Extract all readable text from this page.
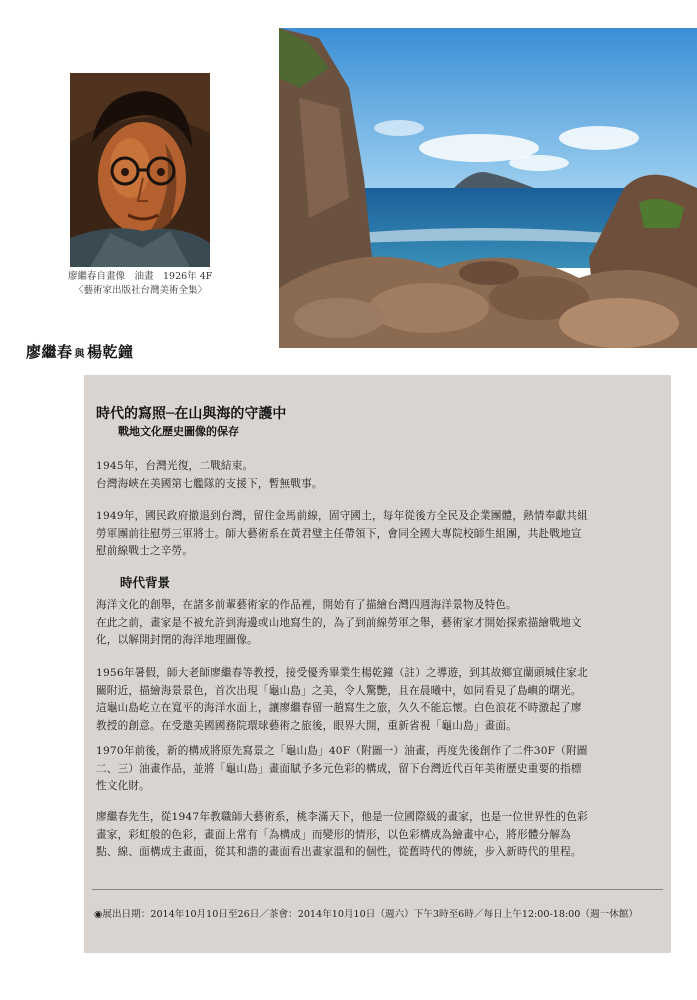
廖繼春自畫像　油畫　1926年 4F
〈藝術家出版社台灣美術全集〉
廖繼春 與 楊乾鐘
時代的寫照─在山與海的守護中
戰地文化歷史圖像的保存
1945年，台灣光復，二戰結束。
台灣海峽在美國第七艦隊的支援下，暫無戰事。
1949年，國民政府撤退到台灣，留住金馬前線，固守國土，每年從後方全民及企業團體，熱情奉獻共組
勞軍團前往慰勞三軍將士。師大藝術系在黃君璧主任帶領下，會同全國大專院校師生組團，共赴戰地宣
慰前線戰士之辛勞。
時代背景
海洋文化的創舉，在諸多前輩藝術家的作品裡，開始有了描繪台灣四週海洋景物及特色。
在此之前，畫家是不被允許到海邊或山地寫生的，為了到前線勞軍之舉，藝術家才開始探索描繪戰地文
化，以解開封閉的海洋地理圖像。
1956年暑假，師大老師廖繼春等教授，接受優秀畢業生楊乾鐘（註）之導遊，到其故鄉宜蘭頭城住家北
關附近，描繪海景景色，首次出現「龜山島」之美，令人驚艷，且在晨曦中，如同看見了島嶼的曙光。
這龜山島屹立在寬平的海洋水面上，讓廖繼春留一趟寫生之旅，久久不能忘懷。白色浪花不時激起了廖
教授的創意。在受邀美國國務院環球藝術之旅後，眼界大開，重新省視「龜山島」畫面。
1970年前後，新的構成將原先寫景之「龜山島」40F（附圖一）油畫，再度先後創作了二件30F（附圖
二、三）油畫作品，並將「龜山島」畫面賦予多元色彩的構成，留下台灣近代百年美術歷史重要的指標
性文化財。
廖繼春先生，從1947年教職師大藝術系，桃李滿天下，他是一位國際級的畫家，也是一位世界性的色彩
畫家，彩虹般的色彩，畫面上常有「為構成」而變形的情形，以色彩構成為繪畫中心，將形體分解為
點、線、面構成主畫面，從其和諧的畫面看出畫家溫和的個性，從舊時代的傳統，步入新時代的里程。
◉展出日期：2014年10月10日至26日／茶會：2014年10月10日（週六）下午3時至6時／每日上午12:00-18:00（週一休館）
